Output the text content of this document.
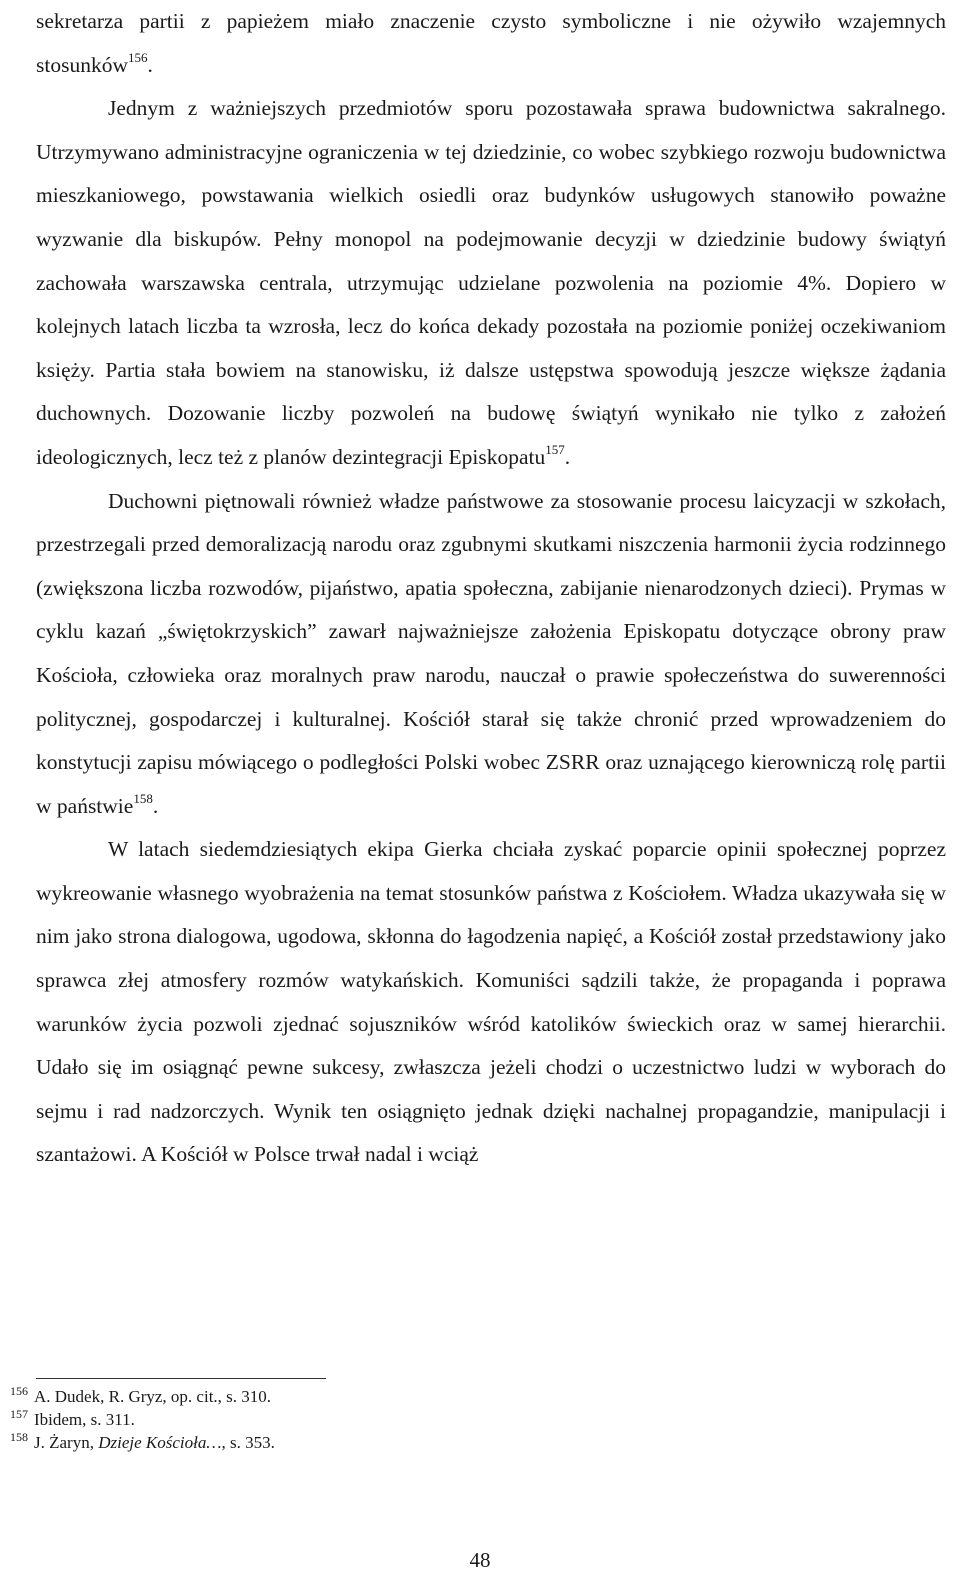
sekretarza partii z papieżem miało znaczenie czysto symboliczne i nie ożywiło wzajemnych stosunków$^{156}$.

Jednym z ważniejszych przedmiotów sporu pozostawała sprawa budownictwa sakralnego. Utrzymywano administracyjne ograniczenia w tej dziedzinie, co wobec szybkiego rozwoju budownictwa mieszkaniowego, powstawania wielkich osiedli oraz budynków usługowych stanowiło poważne wyzwanie dla biskupów. Pełny monopol na podejmowanie decyzji w dziedzinie budowy świątyń zachowała warszawska centrala, utrzymując udzielane pozwolenia na poziomie 4%. Dopiero w kolejnych latach liczba ta wzrosła, lecz do końca dekady pozostała na poziomie poniżej oczekiwaniom księży. Partia stała bowiem na stanowisku, iż dalsze ustępstwa spowodują jeszcze większe żądania duchownych. Dozowanie liczby pozwoleń na budowę świątyń wynikało nie tylko z założeń ideologicznych, lecz też z planów dezintegracji Episkopatu$^{157}$.

Duchowni piętnowali również władze państwowe za stosowanie procesu laicyzacji w szkołach, przestrzegali przed demoralizacją narodu oraz zgubnymi skutkami niszczenia harmonii życia rodzinnego (zwiększona liczba rozwodów, pijaństwo, apatia społeczna, zabijanie nienarodzonych dzieci). Prymas w cyklu kazań „świętokrzyskich” zawarł najważniejsze założenia Episkopatu dotyczące obrony praw Kościoła, człowieka oraz moralnych praw narodu, nauczał o prawie społeczeństwa do suwerenności politycznej, gospodarczej i kulturalnej. Kościół starał się także chronić przed wprowadzeniem do konstytucji zapisu mówiącego o podległości Polski wobec ZSRR oraz uznającego kierowniczą rolę partii w państwie$^{158}$.

W latach siedemdziesiątych ekipa Gierka chciała zyskać poparcie opinii społecznej poprzez wykreowanie własnego wyobrażenia na temat stosunków państwa z Kościołem. Władza ukazywała się w nim jako strona dialogowa, ugodowa, skłonna do łagodzenia napięć, a Kościół został przedstawiony jako sprawca złej atmosfery rozmów watykańskich. Komuniści sądzili także, że propaganda i poprawa warunków życia pozwoli zjednać sojuszników wśród katolików świeckich oraz w samej hierarchii. Udało się im osiągnąć pewne sukcesy, zwłaszcza jeżeli chodzi o uczestnictwo ludzi w wyborach do sejmu i rad nadzorczych. Wynik ten osiągnięto jednak dzięki nachalnej propagandzie, manipulacji i szantażowi. A Kościół w Polsce trwał nadal i wciąż

$^{156}$ A. Dudek, R. Gryz, op. cit., s. 310.
$^{157}$ Ibidem, s. 311.
$^{158}$ J. Żaryn, Dzieje Kościoła…, s. 353.
48
